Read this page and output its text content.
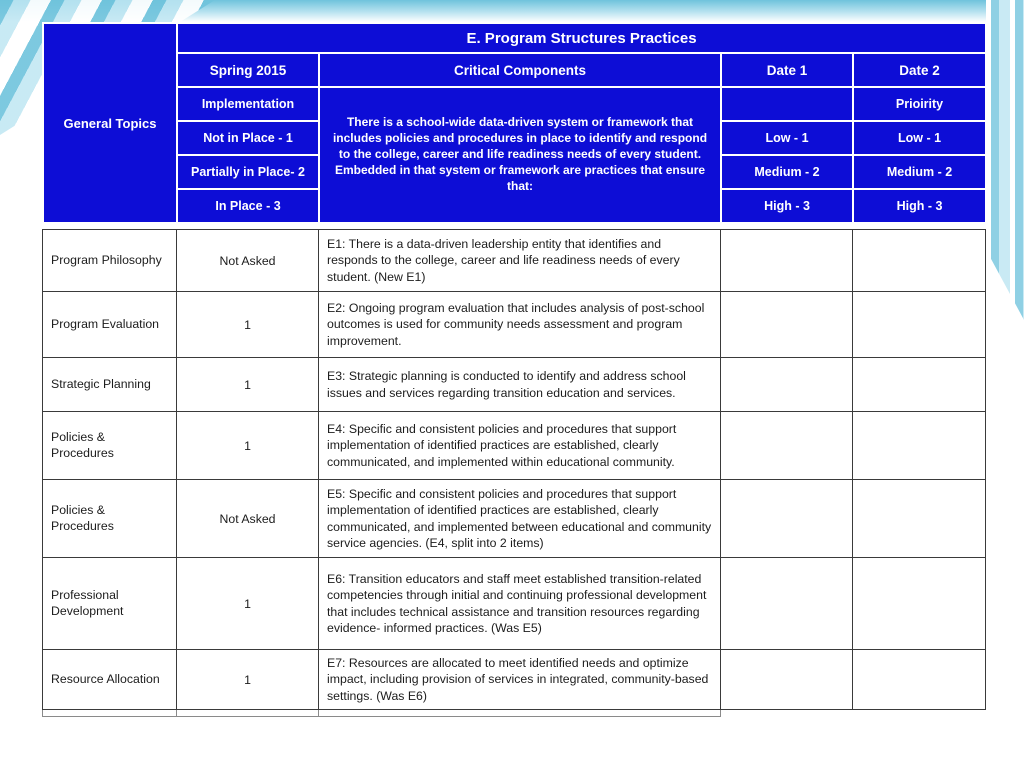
General Topics	E. Program Structures Practices			
	Spring 2015	Critical Components	Date 1	Date 2
	Implementation	There is a school-wide data-driven system or framework that includes policies and procedures in place to identify and respond to the college, career and life readiness needs of every student. Embedded in that system or framework are practices that ensure that:		Prioirity
	Not in Place - 1		Low - 1	Low - 1
	Partially in Place- 2		Medium - 2	Medium - 2
	In Place - 3		High - 3	High - 3
Program Philosophy	Not Asked	E1: There is a data-driven leadership entity that identifies and responds to the college, career and life readiness needs of every student. (New E1)		
Program Evaluation	1	E2: Ongoing program evaluation that includes analysis of post-school outcomes is used for community needs assessment and program improvement.		
Strategic Planning	1	E3: Strategic planning is conducted to identify and address school issues and services regarding transition education and services.		
Policies & Procedures	1	E4: Specific and consistent policies and procedures that support implementation of identified practices are established, clearly communicated, and implemented within educational community.		
Policies & Procedures	Not Asked	E5: Specific and consistent policies and procedures that support implementation of identified practices are established, clearly communicated, and implemented between educational and community service agencies. (E4, split into 2 items)		
Professional Development	1	E6: Transition educators and staff meet established transition-related competencies through initial and continuing professional development that includes technical assistance and transition resources regarding evidence- informed practices. (Was E5)		
Resource Allocation	1	E7: Resources are allocated to meet identified needs and optimize impact, including provision of services in integrated, community-based settings. (Was E6)		
